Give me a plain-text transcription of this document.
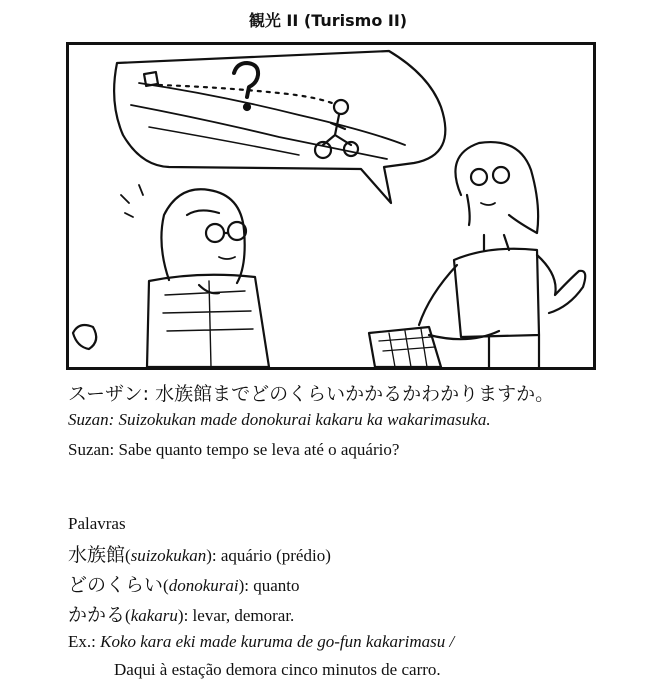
観光 II (Turismo II)
スーザン: 水族館までどのくらいかかるかわかりますか。
Suzan: Suizokukan made donokurai kakaru ka wakarimasuka.
Suzan: Sabe quanto tempo se leva até o aquário?
Palavras
水族館(suizokukan): aquário (prédio)
どのくらい(donokurai): quanto
かかる(kakaru): levar, demorar.
Ex.: Koko kara eki made kuruma de go-fun kakarimasu /
Daqui à estação demora cinco minutos de carro.
